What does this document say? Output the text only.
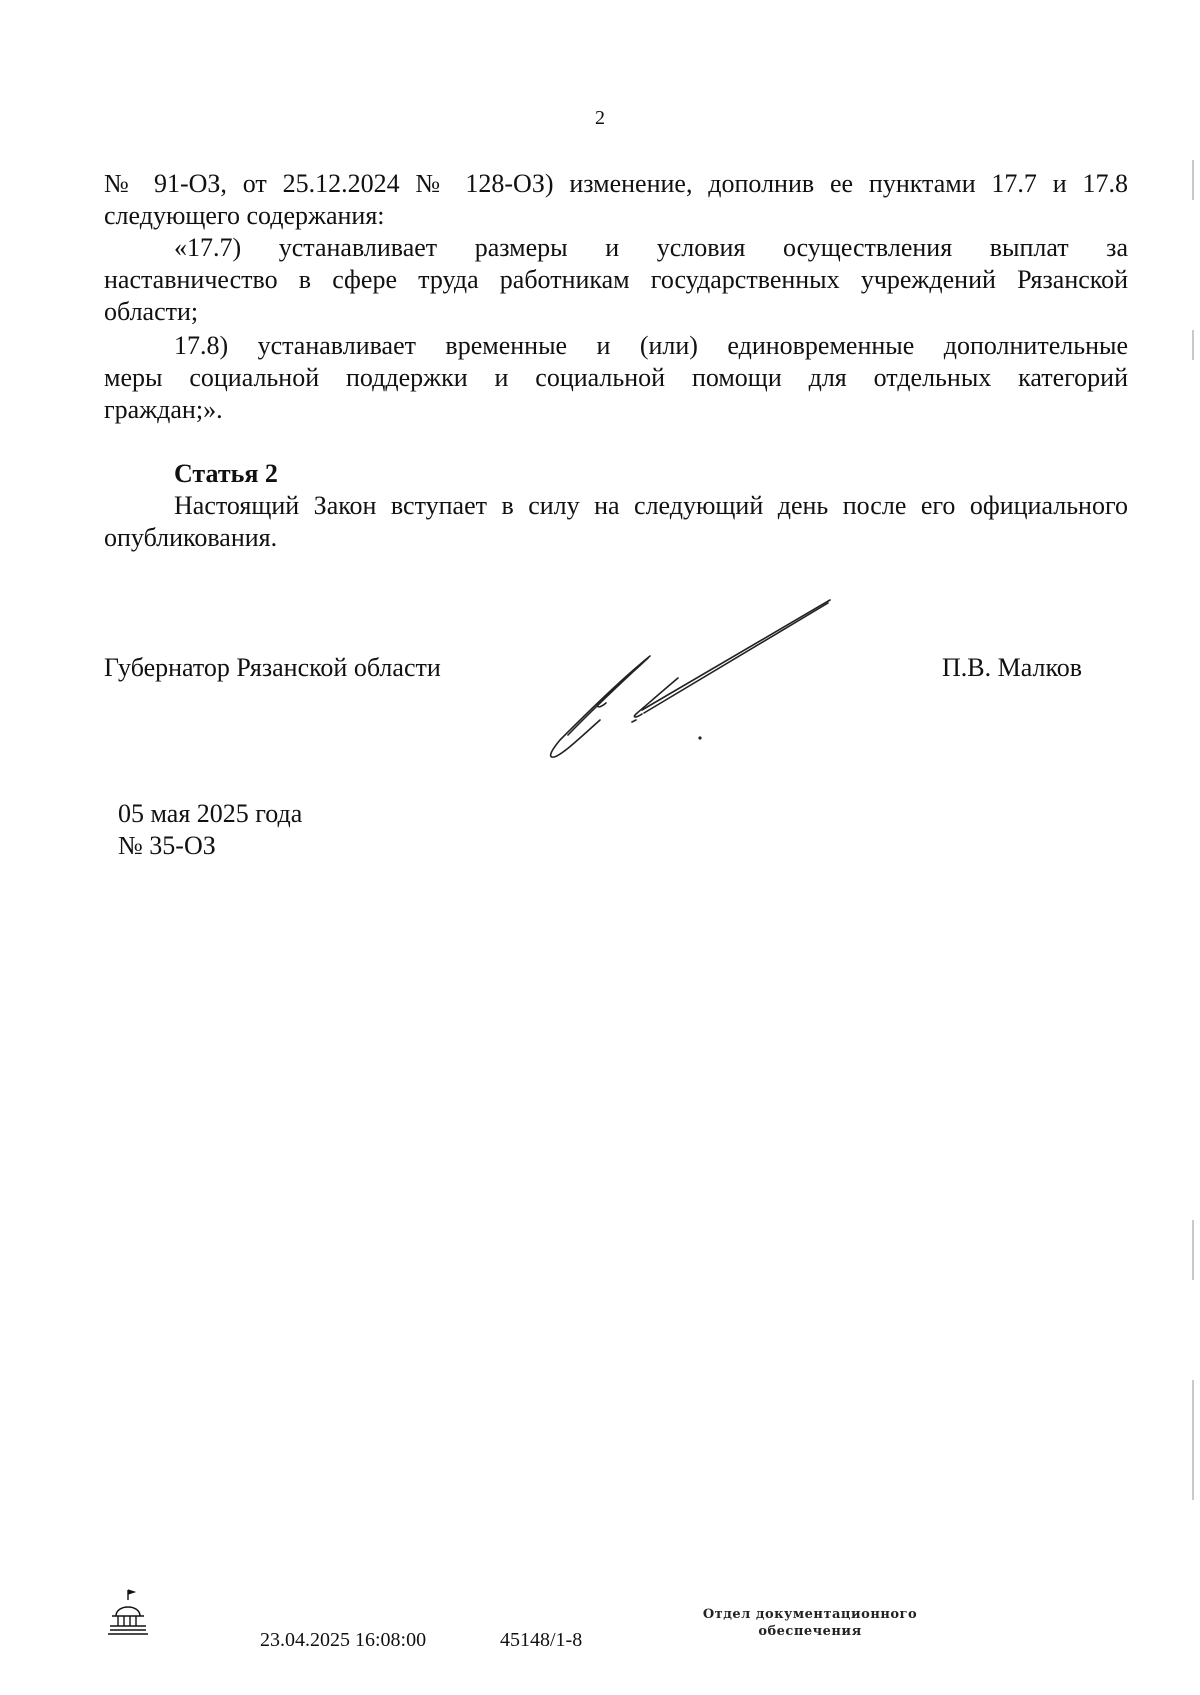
2
№ 91-ОЗ, от 25.12.2024 № 128-ОЗ) изменение, дополнив ее пунктами 17.7 и 17.8
следующего содержания:
«17.7) устанавливает размеры и условия осуществления выплат за
наставничество в сфере труда работникам государственных учреждений Рязанской
области;
17.8) устанавливает временные и (или) единовременные дополнительные
меры социальной поддержки и социальной помощи для отдельных категорий
граждан;».
Статья 2
Настоящий Закон вступает в силу на следующий день после его официального
опубликования.
Губернатор Рязанской области	П.В. Малков
05 мая 2025 года
№ 35-ОЗ
23.04.2025 16:08:00	45148/1-8
Отдел документационного
обеспечения
